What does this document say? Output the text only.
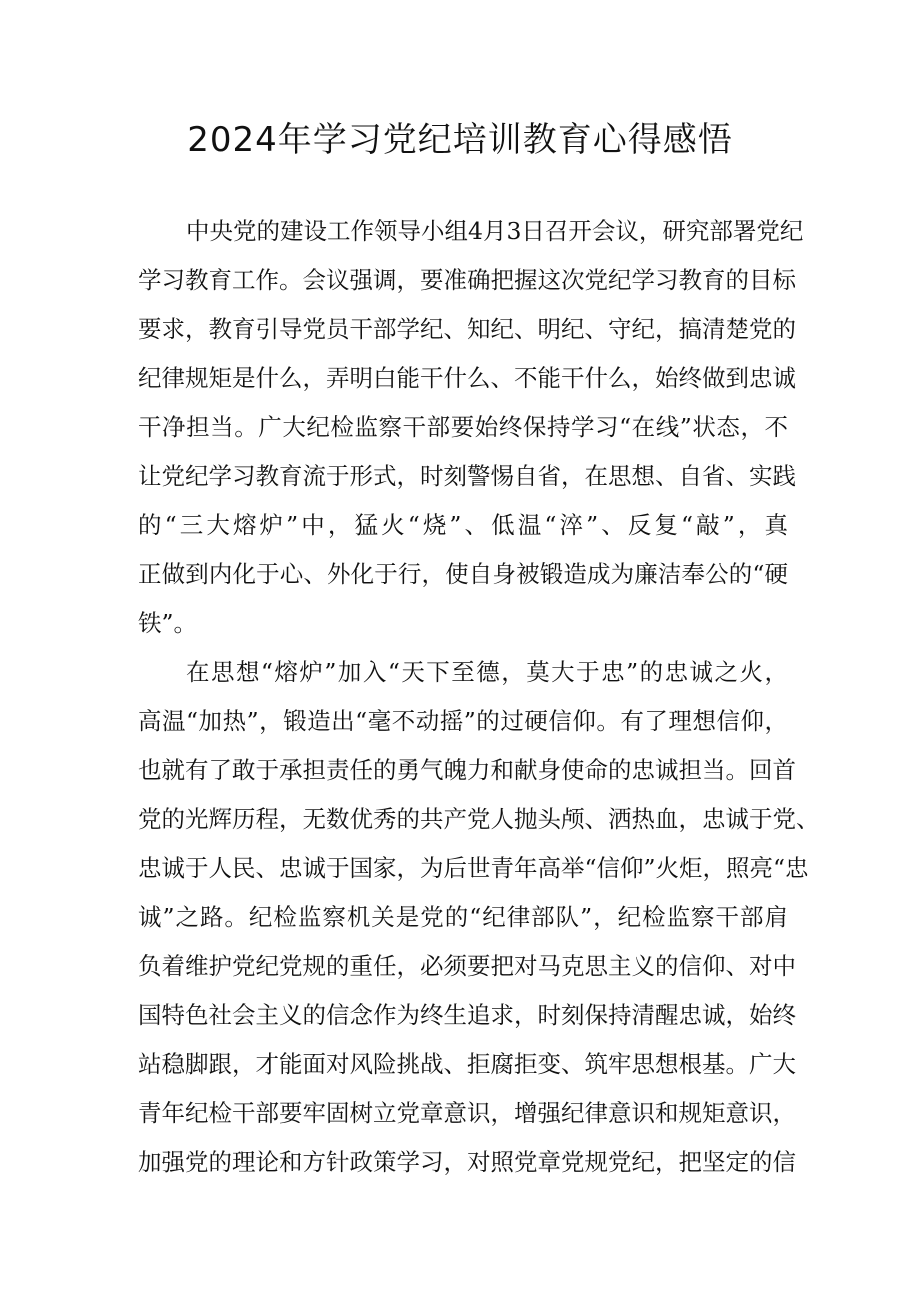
2024年学习党纪培训教育心得感悟
中央党的建设工作领导小组4月3日召开会议，研究部署党纪
学习教育工作。会议强调，要准确把握这次党纪学习教育的目标
要求，教育引导党员干部学纪、知纪、明纪、守纪，搞清楚党的
纪律规矩是什么，弄明白能干什么、不能干什么，始终做到忠诚
干净担当。广大纪检监察干部要始终保持学习“在线”状态，不
让党纪学习教育流于形式，时刻警惕自省，在思想、自省、实践
的“三大熔炉”中，猛火“烧”、低温“淬”、反复“敲”，真
正做到内化于心、外化于行，使自身被锻造成为廉洁奉公的“硬
铁”。
在思想“熔炉”加入“天下至德，莫大于忠”的忠诚之火，
高温“加热”，锻造出“毫不动摇”的过硬信仰。有了理想信仰，
也就有了敢于承担责任的勇气魄力和献身使命的忠诚担当。回首
党的光辉历程，无数优秀的共产党人抛头颅、洒热血，忠诚于党、
忠诚于人民、忠诚于国家，为后世青年高举“信仰”火炬，照亮“忠
诚”之路。纪检监察机关是党的“纪律部队”，纪检监察干部肩
负着维护党纪党规的重任，必须要把对马克思主义的信仰、对中
国特色社会主义的信念作为终生追求，时刻保持清醒忠诚，始终
站稳脚跟，才能面对风险挑战、拒腐拒变、筑牢思想根基。广大
青年纪检干部要牢固树立党章意识，增强纪律意识和规矩意识，
加强党的理论和方针政策学习，对照党章党规党纪，把坚定的信
